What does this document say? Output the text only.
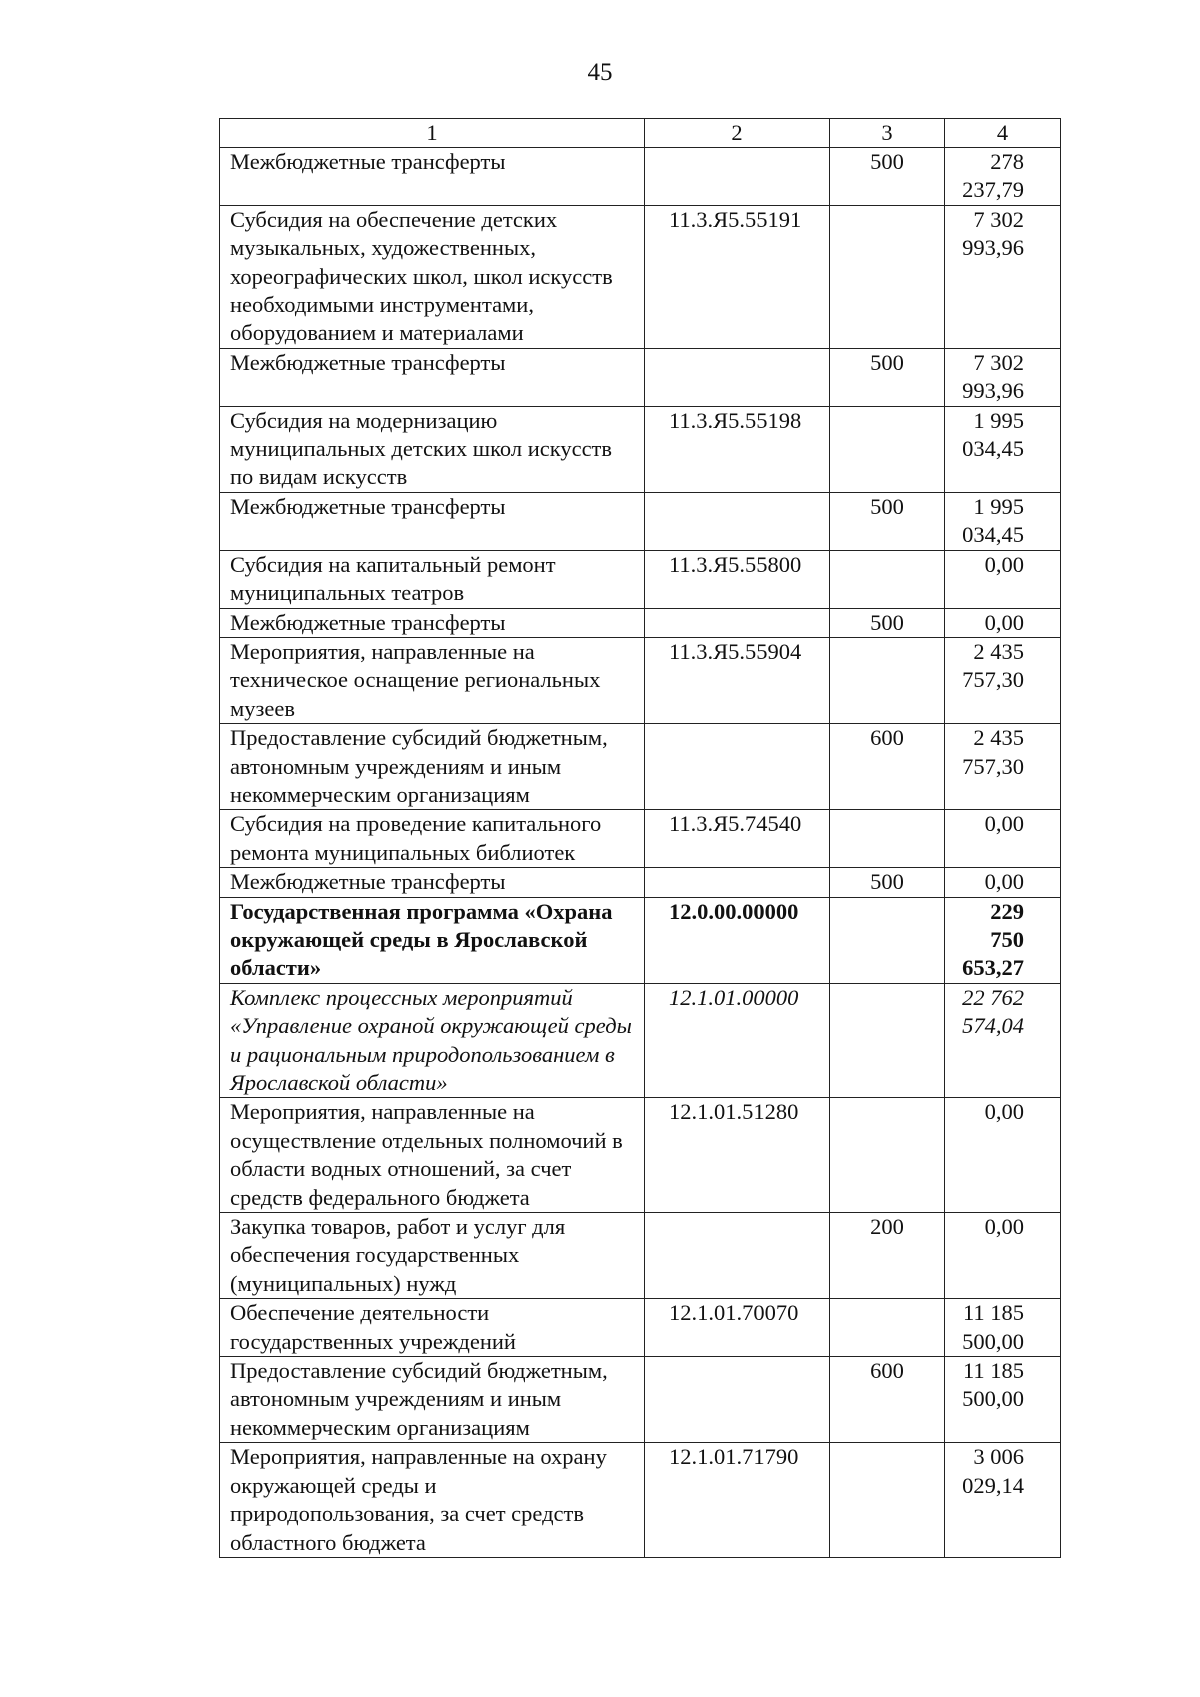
45
1	2	3	4
Межбюджетные трансферты		500	278 237,79
Субсидия на обеспечение детских музыкальных, художественных, хореографических школ, школ искусств необходимыми инструментами, оборудованием и материалами	11.3.Я5.55191		7 302 993,96
Межбюджетные трансферты		500	7 302 993,96
Субсидия на модернизацию муниципальных детских школ искусств по видам искусств	11.3.Я5.55198		1 995 034,45
Межбюджетные трансферты		500	1 995 034,45
Субсидия на капитальный ремонт муниципальных театров	11.3.Я5.55800		0,00
Межбюджетные трансферты		500	0,00
Мероприятия, направленные на техническое оснащение региональных музеев	11.3.Я5.55904		2 435 757,30
Предоставление субсидий бюджетным, автономным учреждениям и иным некоммерческим организациям		600	2 435 757,30
Субсидия на проведение капитального ремонта муниципальных библиотек	11.3.Я5.74540		0,00
Межбюджетные трансферты		500	0,00
Государственная программа «Охрана окружающей среды в Ярославской области»	12.0.00.00000		229 750 653,27
Комплекс процессных мероприятий «Управление охраной окружающей среды и рациональным природопользованием в Ярославской области»	12.1.01.00000		22 762 574,04
Мероприятия, направленные на осуществление отдельных полномочий в области водных отношений, за счет средств федерального бюджета	12.1.01.51280		0,00
Закупка товаров, работ и услуг для обеспечения государственных (муниципальных) нужд		200	0,00
Обеспечение деятельности государственных учреждений	12.1.01.70070		11 185 500,00
Предоставление субсидий бюджетным, автономным учреждениям и иным некоммерческим организациям		600	11 185 500,00
Мероприятия, направленные на охрану окружающей среды и природопользования, за счет средств областного бюджета	12.1.01.71790		3 006 029,14
